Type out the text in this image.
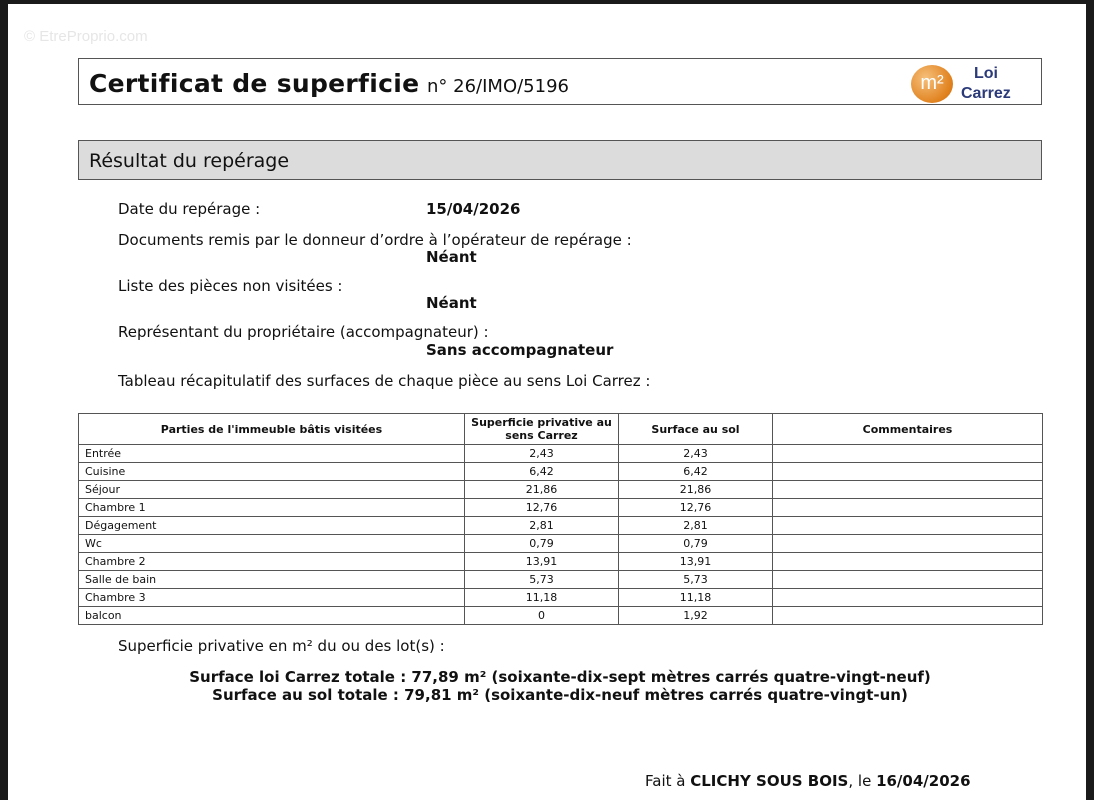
© EtreProprio.com
Certificat de superficie n° 26/IMO/5196	m²	Loi
Carrez
Résultat du repérage
Date du repérage :	15/04/2026
Documents remis par le donneur d’ordre à l’opérateur de repérage :
Néant
Liste des pièces non visitées :
Néant
Représentant du propriétaire (accompagnateur) :
Sans accompagnateur
Tableau récapitulatif des surfaces de chaque pièce au sens Loi Carrez :
Parties de l'immeuble bâtis visitées	Superficie privative au sens Carrez	Surface au sol	Commentaires
Entrée	2,43	2,43	
Cuisine	6,42	6,42	
Séjour	21,86	21,86	
Chambre 1	12,76	12,76	
Dégagement	2,81	2,81	
Wc	0,79	0,79	
Chambre 2	13,91	13,91	
Salle de bain	5,73	5,73	
Chambre 3	11,18	11,18	
balcon	0	1,92	
Superficie privative en m² du ou des lot(s) :
Surface loi Carrez totale : 77,89 m² (soixante-dix-sept mètres carrés quatre-vingt-neuf)
Surface au sol totale : 79,81 m² (soixante-dix-neuf mètres carrés quatre-vingt-un)
Fait à CLICHY SOUS BOIS, le 16/04/2026
